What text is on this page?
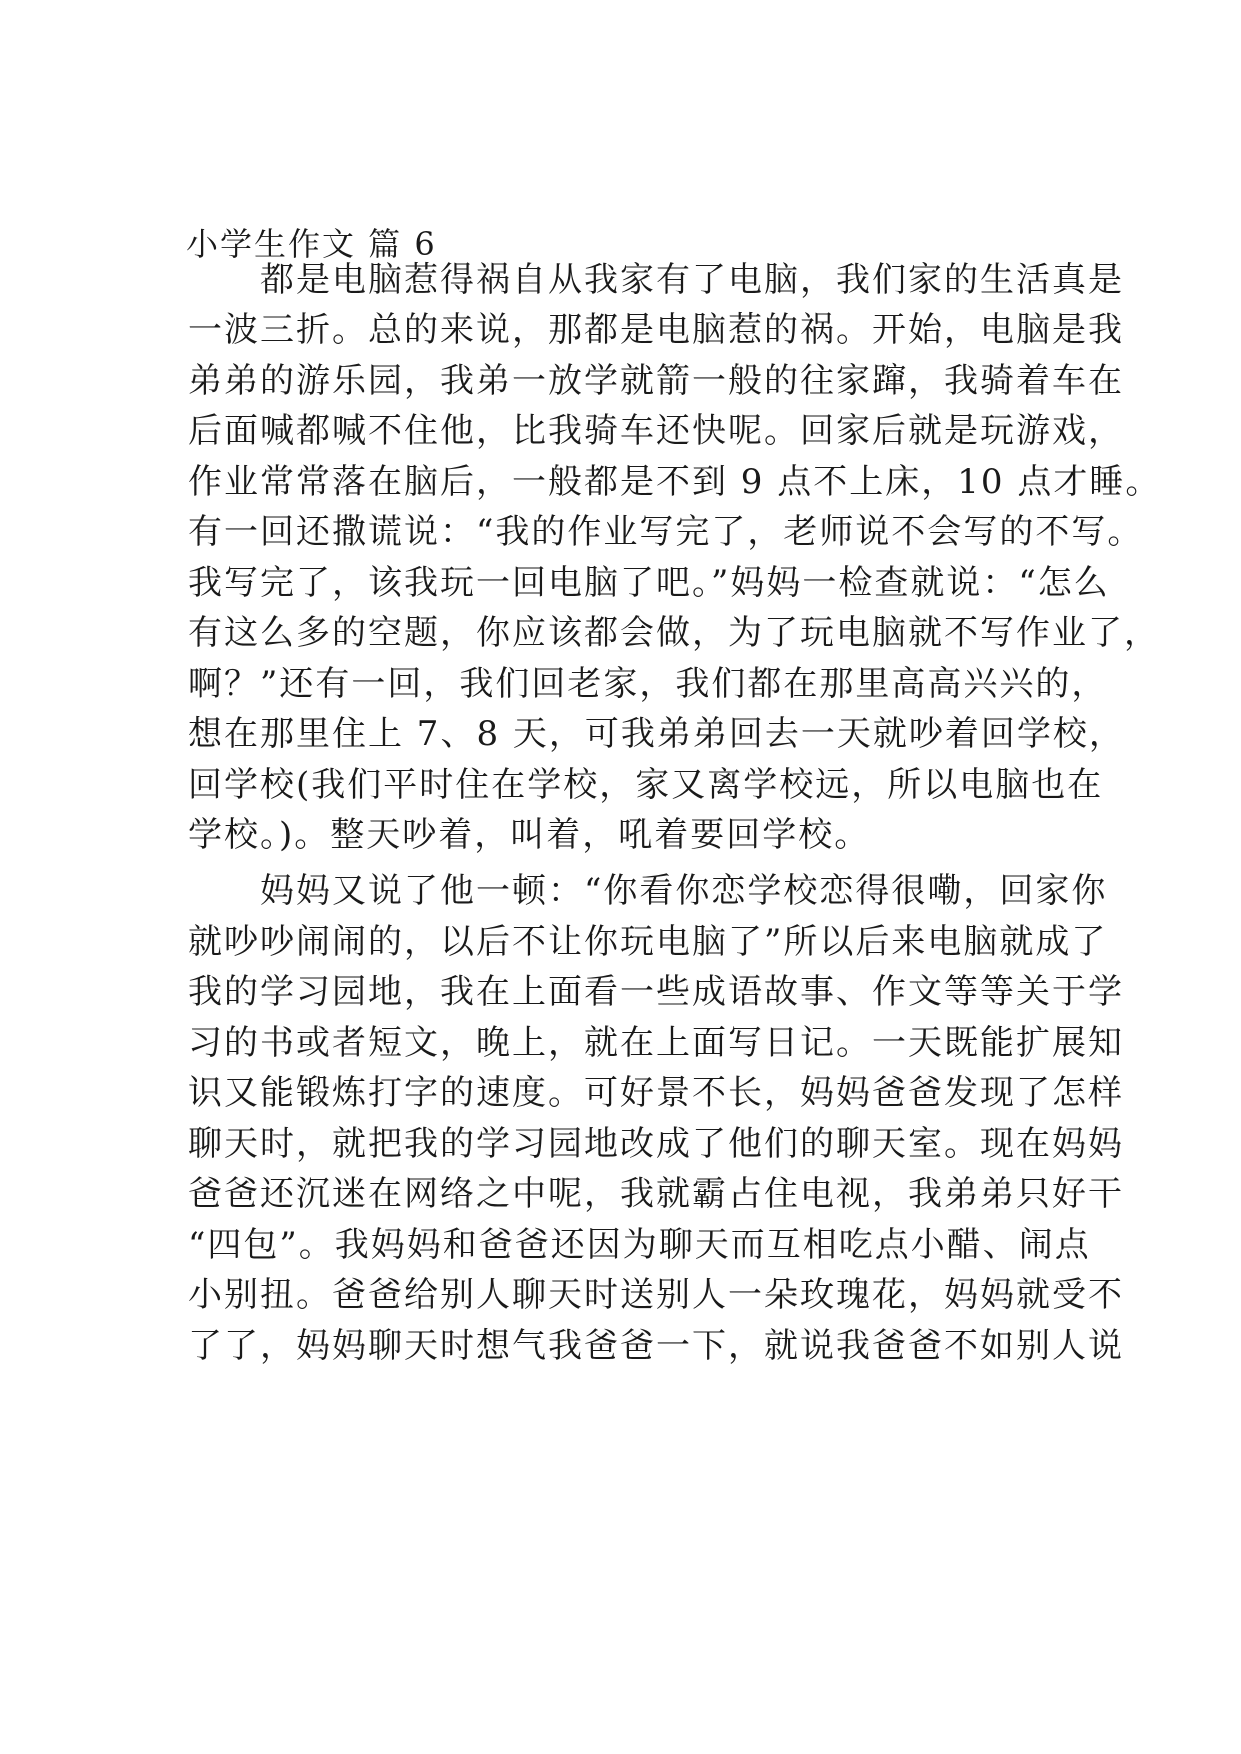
小学生作文 篇 6
　　都是电脑惹得祸自从我家有了电脑，我们家的生活真是
一波三折。总的来说，那都是电脑惹的祸。开始，电脑是我
弟弟的游乐园，我弟一放学就箭一般的往家蹿，我骑着车在
后面喊都喊不住他，比我骑车还快呢。回家后就是玩游戏，
作业常常落在脑后，一般都是不到 9 点不上床，10 点才睡。
有一回还撒谎说：“我的作业写完了，老师说不会写的不写。
我写完了，该我玩一回电脑了吧。”妈妈一检查就说：“怎么
有这么多的空题，你应该都会做，为了玩电脑就不写作业了，
啊？”还有一回，我们回老家，我们都在那里高高兴兴的，
想在那里住上 7、8 天，可我弟弟回去一天就吵着回学校，
回学校(我们平时住在学校，家又离学校远，所以电脑也在
学校。)。整天吵着，叫着，吼着要回学校。
　　妈妈又说了他一顿：“你看你恋学校恋得很嘞，回家你
就吵吵闹闹的，以后不让你玩电脑了”所以后来电脑就成了
我的学习园地，我在上面看一些成语故事、作文等等关于学
习的书或者短文，晚上，就在上面写日记。一天既能扩展知
识又能锻炼打字的速度。可好景不长，妈妈爸爸发现了怎样
聊天时，就把我的学习园地改成了他们的聊天室。现在妈妈
爸爸还沉迷在网络之中呢，我就霸占住电视，我弟弟只好干
“四包”。我妈妈和爸爸还因为聊天而互相吃点小醋、闹点
小别扭。爸爸给别人聊天时送别人一朵玫瑰花，妈妈就受不
了了，妈妈聊天时想气我爸爸一下，就说我爸爸不如别人说
